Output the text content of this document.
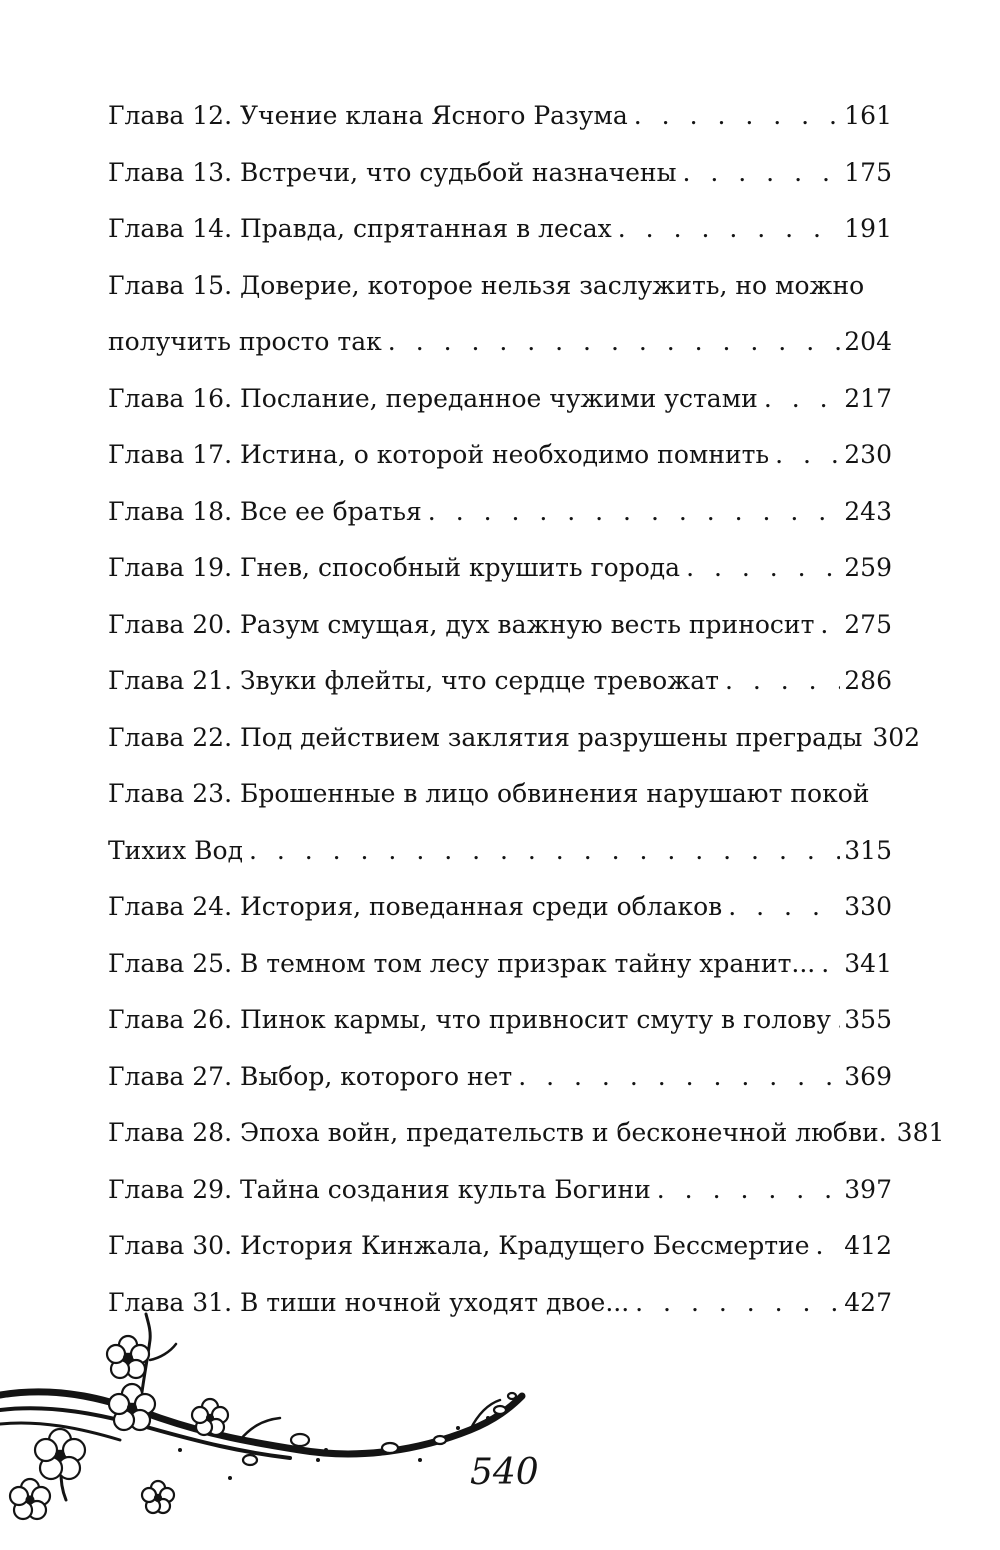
Глава 12. Учение клана Ясного Разума . . .	161
Глава 13. Встречи, что судьбой назначены . . .	175
Глава 14. Правда, спрятанная в лесах . . .	191
Глава 15. Доверие, которое нельзя заслужить, но можно
получить просто так . . .	204
Глава 16. Послание, переданное чужими устами . . .	217
Глава 17. Истина, о которой необходимо помнить . . .	230
Глава 18. Все ее братья . . .	243
Глава 19. Гнев, способный крушить города . . .	259
Глава 20. Разум смущая, дух важную весть приносит . . . 275
Глава 21. Звуки флейты, что сердце тревожат . . .	286
Глава 22. Под действием заклятия разрушены преграды 302
Глава 23. Брошенные в лицо обвинения нарушают покой
Тихих Вод . . .	315
Глава 24. История, поведанная среди облаков . . .	330
Глава 25. В темном том лесу призрак тайну хранит... . . . 341
Глава 26. Пинок кармы, что привносит смуту в голову . . . 355
Глава 27. Выбор, которого нет . . .	369
Глава 28. Эпоха войн, предательств и бесконечной любви. 381
Глава 29. Тайна создания культа Богини . . .	397
Глава 30. История Кинжала, Крадущего Бессмертие . . . 412
Глава 31. В тиши ночной уходят двое... . . .	427
540
